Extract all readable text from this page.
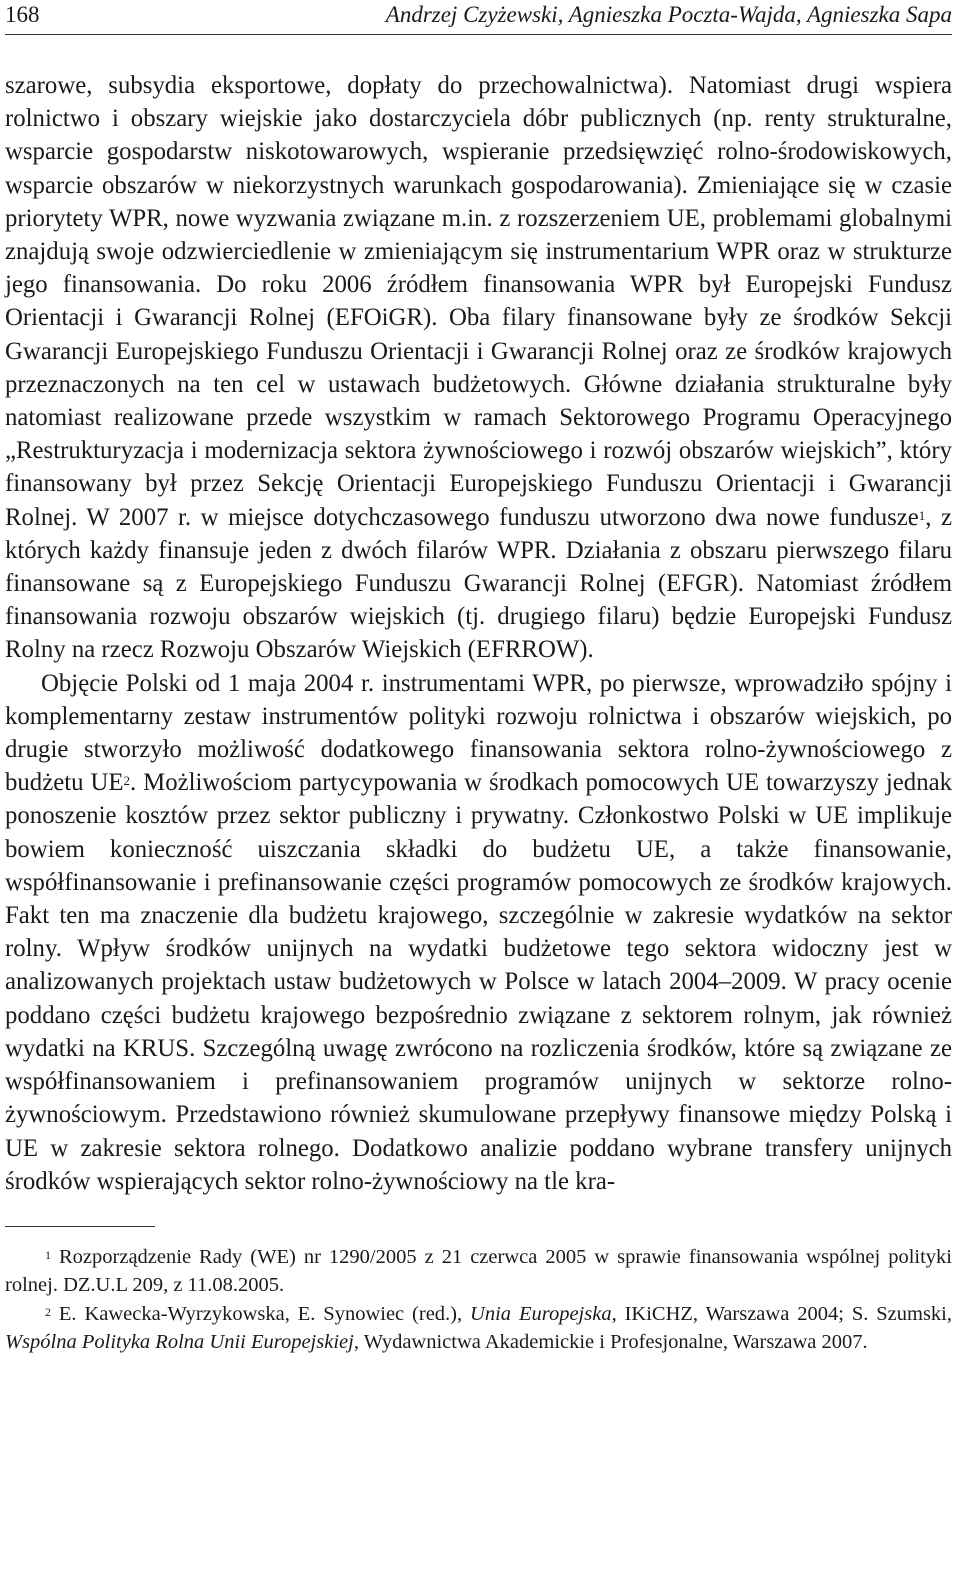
168	Andrzej Czyżewski, Agnieszka Poczta-Wajda, Agnieszka Sapa

szarowe, subsydia eksportowe, dopłaty do przechowalnictwa). Natomiast drugi wspiera rolnictwo i obszary wiejskie jako dostarczyciela dóbr publicznych (np. renty strukturalne, wsparcie gospodarstw niskotowarowych, wspieranie przedsięwzięć rolno-środowiskowych, wsparcie obszarów w niekorzystnych warunkach gospodarowania). Zmieniające się w czasie priorytety WPR, nowe wyzwania związane m.in. z rozszerzeniem UE, problemami globalnymi znajdują swoje odzwierciedlenie w zmieniającym się instrumentarium WPR oraz w strukturze jego finansowania. Do roku 2006 źródłem finansowania WPR był Europejski Fundusz Orientacji i Gwarancji Rolnej (EFOiGR). Oba filary finansowane były ze środków Sekcji Gwarancji Europejskiego Funduszu Orientacji i Gwarancji Rolnej oraz ze środków krajowych przeznaczonych na ten cel w ustawach budżetowych. Główne działania strukturalne były natomiast realizowane przede wszystkim w ramach Sektorowego Programu Operacyjnego „Restrukturyzacja i modernizacja sektora żywnościowego i rozwój obszarów wiejskich”, który finansowany był przez Sekcję Orientacji Europejskiego Funduszu Orientacji i Gwarancji Rolnej. W 2007 r. w miejsce dotychczasowego funduszu utworzono dwa nowe fundusze$^1$, z których każdy finansuje jeden z dwóch filarów WPR. Działania z obszaru pierwszego filaru finansowane są z Europejskiego Funduszu Gwarancji Rolnej (EFGR). Natomiast źródłem finansowania rozwoju obszarów wiejskich (tj. drugiego filaru) będzie Europejski Fundusz Rolny na rzecz Rozwoju Obszarów Wiejskich (EFRROW).

Objęcie Polski od 1 maja 2004 r. instrumentami WPR, po pierwsze, wprowadziło spójny i komplementarny zestaw instrumentów polityki rozwoju rolnictwa i obszarów wiejskich, po drugie stworzyło możliwość dodatkowego finansowania sektora rolno-żywnościowego z budżetu $UE^2$. Możliwościom partycypowania w środkach pomocowych UE towarzyszy jednak ponoszenie kosztów przez sektor publiczny i prywatny. Członkostwo Polski w UE implikuje bowiem konieczność uiszczania składki do budżetu UE, a także finansowanie, współfinansowanie i prefinansowanie części programów pomocowych ze środków krajowych. Fakt ten ma znaczenie dla budżetu krajowego, szczególnie w zakresie wydatków na sektor rolny. Wpływ środków unijnych na wydatki budżetowe tego sektora widoczny jest w analizowanych projektach ustaw budżetowych w Polsce w latach 2004–2009. W pracy ocenie poddano części budżetu krajowego bezpośrednio związane z sektorem rolnym, jak również wydatki na KRUS. Szczególną uwagę zwrócono na rozliczenia środków, które są związane ze współfinansowaniem i prefinansowaniem programów unijnych w sektorze rolno-żywnościowym. Przedstawiono również skumulowane przepływy finansowe między Polską i UE w zakresie sektora rolnego. Dodatkowo analizie poddano wybrane transfery unijnych środków wspierających sektor rolno-żywnościowy na tle kra-

$^1$ Rozporządzenie Rady (WE) nr 1290/2005 z 21 czerwca 2005 w sprawie finansowania wspólnej polityki rolnej. DZ.U.L 209, z 11.08.2005.

$^2$ E. Kawecka-Wyrzykowska, E. Synowiec (red.), Unia Europejska, IKiCHZ, Warszawa 2004; S. Szumski, Wspólna Polityka Rolna Unii Europejskiej, Wydawnictwa Akademickie i Profesjonalne, Warszawa 2007.
